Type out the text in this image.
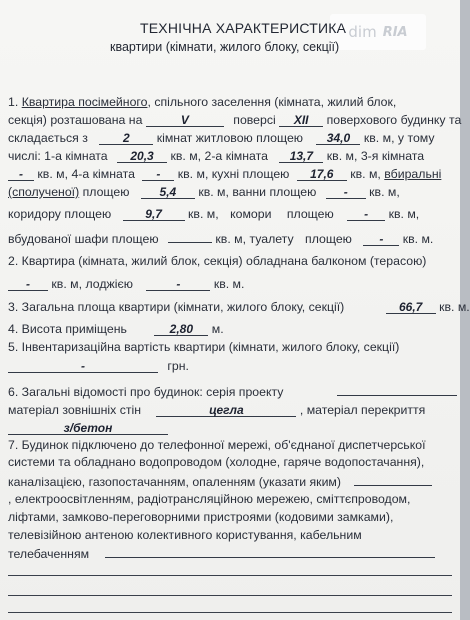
dim RIA
ТЕХНІЧНА ХАРАКТЕРИСТИКА
квартири (кімнати, жилого блоку, секції)
1. Квартира посімейного, спільного заселення (кімната, жилий блок,
секція) розташована на	V	поверсі XII поверхового будинку та
складається з	2 кімнат житловою площею 34,0 кв. м, у тому
числі: 1-а кімната 20,3 кв. м, 2-а кімната 13,7 кв. м, 3-я кімната
- кв. м, 4-а кімната - кв. м, кухні площею 17,6 кв. м, вбиральні
(сполученої) площею	5,4 кв. м, ванни площею - кв. м,
коридору площею	9,7 кв. м, комори площею	- кв. м,
вбудованої шафи площею	кв. м, туалету площею - кв. м.
2. Квартира (кімната, жилий блок, секція) обладнана балконом (терасою)
- кв. м, лоджією	-	кв. м.
3. Загальна площа квартири (кімнати, жилого блоку, секції)	66,7 кв. м.
4. Висота приміщень	2,80 м.
5. Інвентаризаційна вартість квартири (кімнати, жилого блоку, секції)
-	грн.
6. Загальні відомості про будинок: серія проекту
матеріал зовнішніх стін	цегла	, матеріал перекриття
з/бетон
7. Будинок підключено до телефонної мережі, об'єднаної диспетчерської
системи та обладнано водопроводом (холодне, гаряче водопостачання),
каналізацією, газопостачанням, опаленням (указати яким)
, електроосвітленням, радіотрансляційною мережею, сміттєпроводом,
ліфтами, замково-переговорними пристроями (кодовими замками),
телевізійною антеною колективного користування, кабельним
телебаченням
